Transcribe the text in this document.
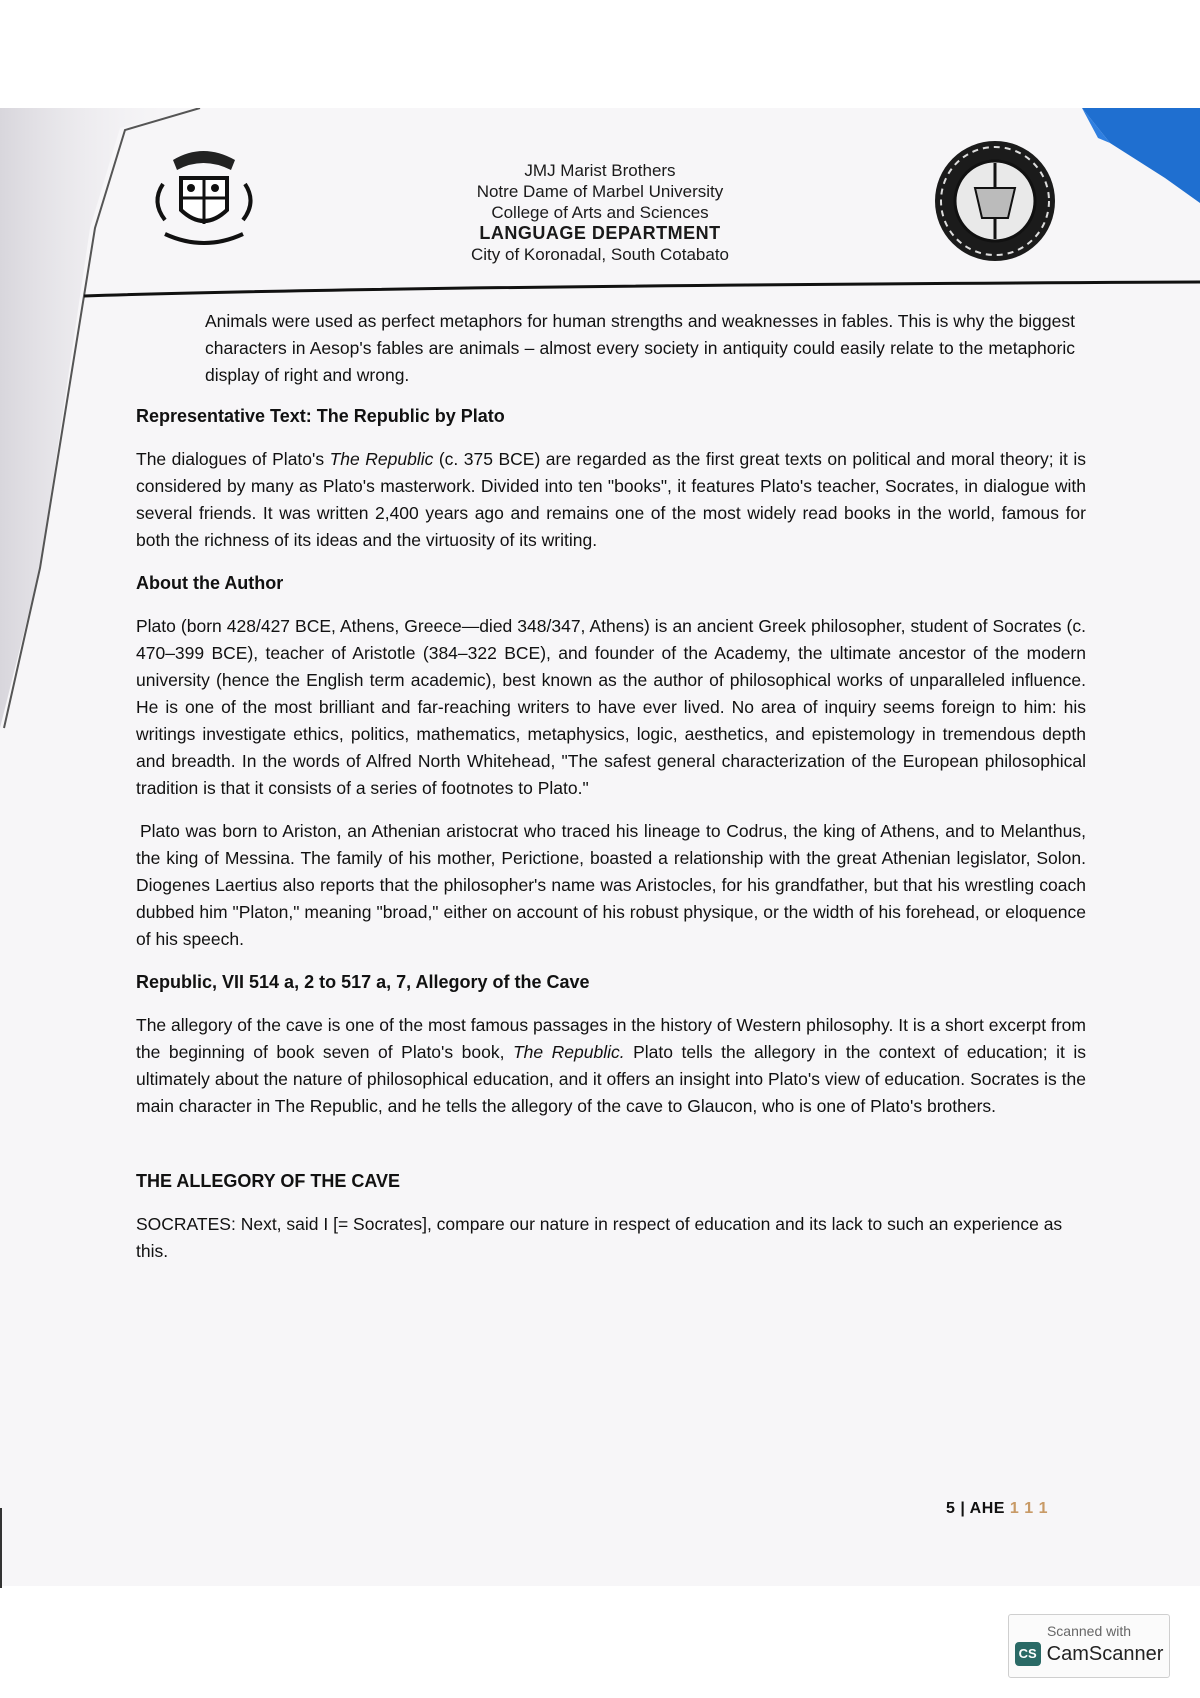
JMJ Marist Brothers
Notre Dame of Marbel University
College of Arts and Sciences
LANGUAGE DEPARTMENT
City of Koronadal, South Cotabato

Animals were used as perfect metaphors for human strengths and weaknesses in fables. This is why the biggest characters in Aesop's fables are animals – almost every society in antiquity could easily relate to the metaphoric display of right and wrong.

Representative Text: The Republic by Plato

The dialogues of Plato's The Republic (c. 375 BCE) are regarded as the first great texts on political and moral theory; it is considered by many as Plato's masterwork. Divided into ten "books", it features Plato's teacher, Socrates, in dialogue with several friends. It was written 2,400 years ago and remains one of the most widely read books in the world, famous for both the richness of its ideas and the virtuosity of its writing.

About the Author

Plato (born 428/427 BCE, Athens, Greece—died 348/347, Athens) is an ancient Greek philosopher, student of Socrates (c. 470–399 BCE), teacher of Aristotle (384–322 BCE), and founder of the Academy, the ultimate ancestor of the modern university (hence the English term academic), best known as the author of philosophical works of unparalleled influence. He is one of the most brilliant and far-reaching writers to have ever lived. No area of inquiry seems foreign to him: his writings investigate ethics, politics, mathematics, metaphysics, logic, aesthetics, and epistemology in tremendous depth and breadth. In the words of Alfred North Whitehead, "The safest general characterization of the European philosophical tradition is that it consists of a series of footnotes to Plato."

Plato was born to Ariston, an Athenian aristocrat who traced his lineage to Codrus, the king of Athens, and to Melanthus, the king of Messina. The family of his mother, Perictione, boasted a relationship with the great Athenian legislator, Solon. Diogenes Laertius also reports that the philosopher's name was Aristocles, for his grandfather, but that his wrestling coach dubbed him "Platon," meaning "broad," either on account of his robust physique, or the width of his forehead, or eloquence of his speech.

Republic, VII 514 a, 2 to 517 a, 7, Allegory of the Cave

The allegory of the cave is one of the most famous passages in the history of Western philosophy. It is a short excerpt from the beginning of book seven of Plato's book, The Republic. Plato tells the allegory in the context of education; it is ultimately about the nature of philosophical education, and it offers an insight into Plato's view of education. Socrates is the main character in The Republic, and he tells the allegory of the cave to Glaucon, who is one of Plato's brothers.

THE ALLEGORY OF THE CAVE

SOCRATES: Next, said I [= Socrates], compare our nature in respect of education and its lack to such an experience as this.

5 | AHE 1 1 1
Scanned with
CS CamScanner
